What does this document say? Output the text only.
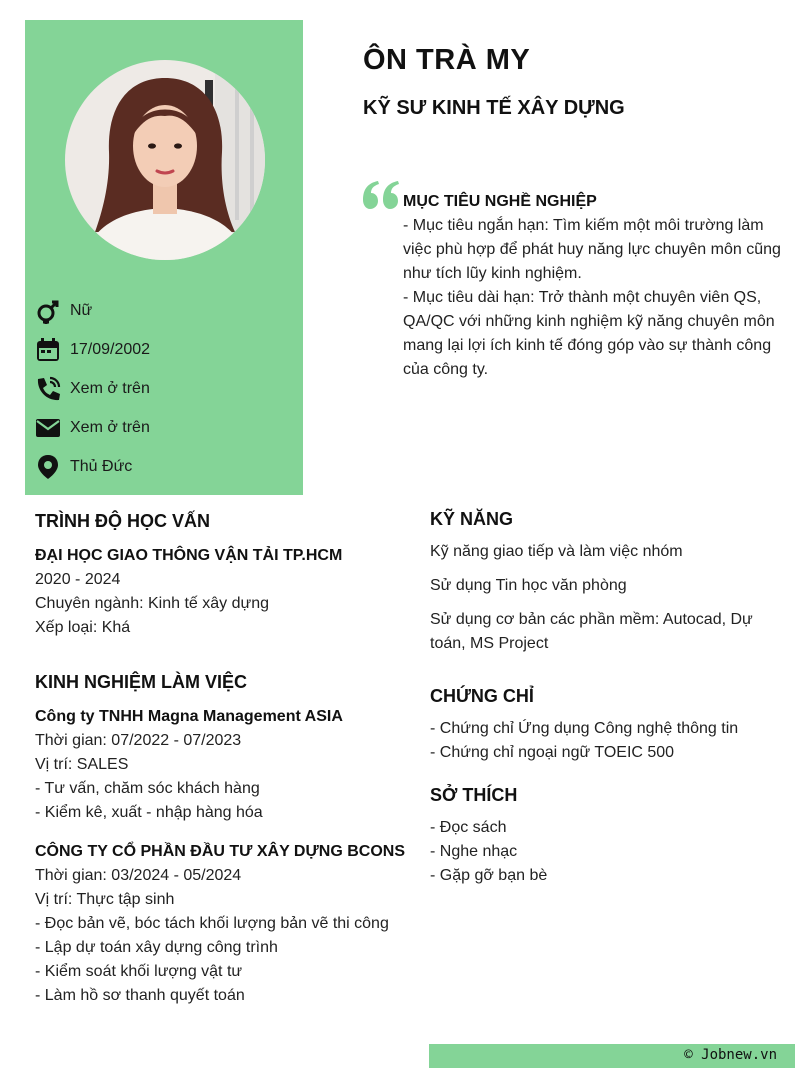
Nữ
17/09/2002
Xem ở trên
Xem ở trên
Thủ Đức
ÔN TRÀ MY
KỸ SƯ KINH TẾ XÂY DỰNG
MỤC TIÊU NGHỀ NGHIỆP
- Mục tiêu ngắn hạn: Tìm kiếm một môi trường làm
việc phù hợp để phát huy năng lực chuyên môn cũng
như tích lũy kinh nghiệm.
- Mục tiêu dài hạn: Trở thành một chuyên viên QS,
QA/QC với những kinh nghiệm kỹ năng chuyên môn
mang lại lợi ích kinh tế đóng góp vào sự thành công
của công ty.
TRÌNH ĐỘ HỌC VẤN
ĐẠI HỌC GIAO THÔNG VẬN TẢI TP.HCM
2020 - 2024
Chuyên ngành: Kinh tế xây dựng
Xếp loại: Khá
KINH NGHIỆM LÀM VIỆC
Công ty TNHH Magna Management ASIA
Thời gian: 07/2022 - 07/2023
Vị trí: SALES
- Tư vấn, chăm sóc khách hàng
- Kiểm kê, xuất - nhập hàng hóa
CÔNG TY CỔ PHẦN ĐẦU TƯ XÂY DỰNG BCONS
Thời gian: 03/2024 - 05/2024
Vị trí: Thực tập sinh
- Đọc bản vẽ, bóc tách khối lượng bản vẽ thi công
- Lập dự toán xây dựng công trình
- Kiểm soát khối lượng vật tư
- Làm hồ sơ thanh quyết toán
KỸ NĂNG
Kỹ năng giao tiếp và làm việc nhóm
Sử dụng Tin học văn phòng
Sử dụng cơ bản các phần mềm: Autocad, Dự
toán, MS Project
CHỨNG CHỈ
- Chứng chỉ Ứng dụng Công nghệ thông tin
- Chứng chỉ ngoại ngữ TOEIC 500
SỞ THÍCH
- Đọc sách
- Nghe nhạc
- Gặp gỡ bạn bè
© Jobnew.vn
